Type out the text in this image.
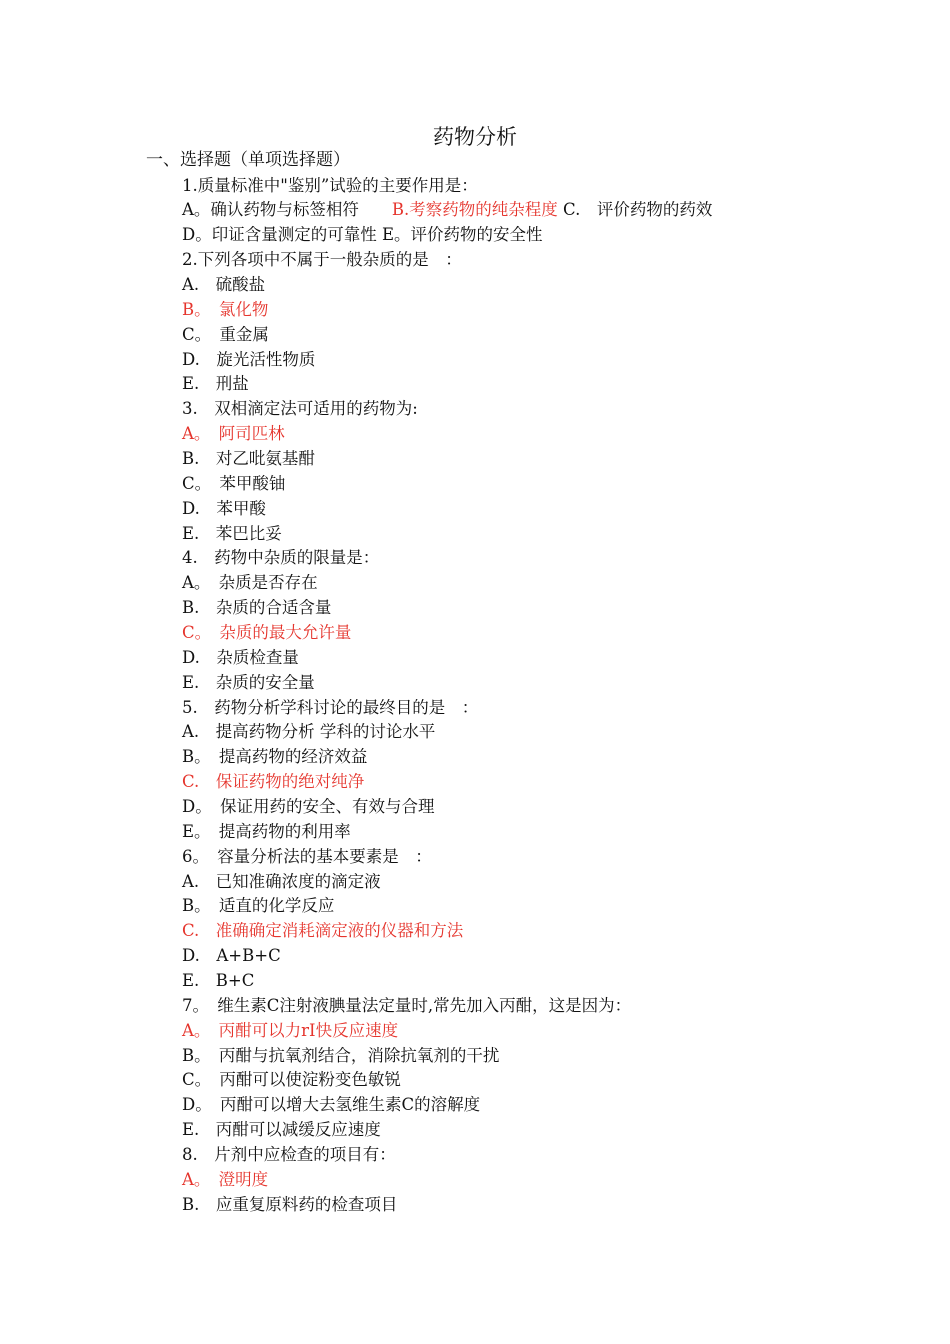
药物分析
一、选择题（单项选择题）
1.质量标准中"鉴别”试验的主要作用是：
A。确认药物与标签相符　　B.考察药物的纯杂程度 C.　评价药物的药效
D。印证含量测定的可靠性 E。评价药物的安全性
2.下列各项中不属于一般杂质的是　：
A.　硫酸盐
B。　氯化物
C。　重金属
D.　旋光活性物质
E.　刑盐
3.　双相滴定法可适用的药物为:
A。　阿司匹林
B.　对乙吡氨基酣
C。　苯甲酸铀
D.　苯甲酸
E.　苯巴比妥
4.　药物中杂质的限量是：
A。　杂质是否存在
B.　杂质的合适含量
C。　杂质的最大允许量
D.　杂质检查量
E.　杂质的安全量
5.　药物分析学科讨论的最终目的是　：
A.　提高药物分析 学科的讨论水平
B。　提高药物的经济效益
C.　保证药物的绝对纯净
D。　保证用药的安全、有效与合理
E。　提高药物的利用率
6。　容量分析法的基本要素是　：
A.　已知准确浓度的滴定液
B。　适直的化学反应
C.　准确确定消耗滴定液的仪器和方法
D.　A+B+C
E.　B+C
7。　维生素C注射液腆量法定量时,常先加入丙酣，这是因为：
A。　丙酣可以力rI快反应速度
B。　丙酣与抗氧剂结合，消除抗氧剂的干扰
C。　丙酣可以使淀粉变色敏锐
D。　丙酣可以增大去氢维生素C的溶解度
E.　丙酣可以减缓反应速度
8.　片剂中应检查的项目有：
A。　澄明度
B.　应重复原料药的检查项目
